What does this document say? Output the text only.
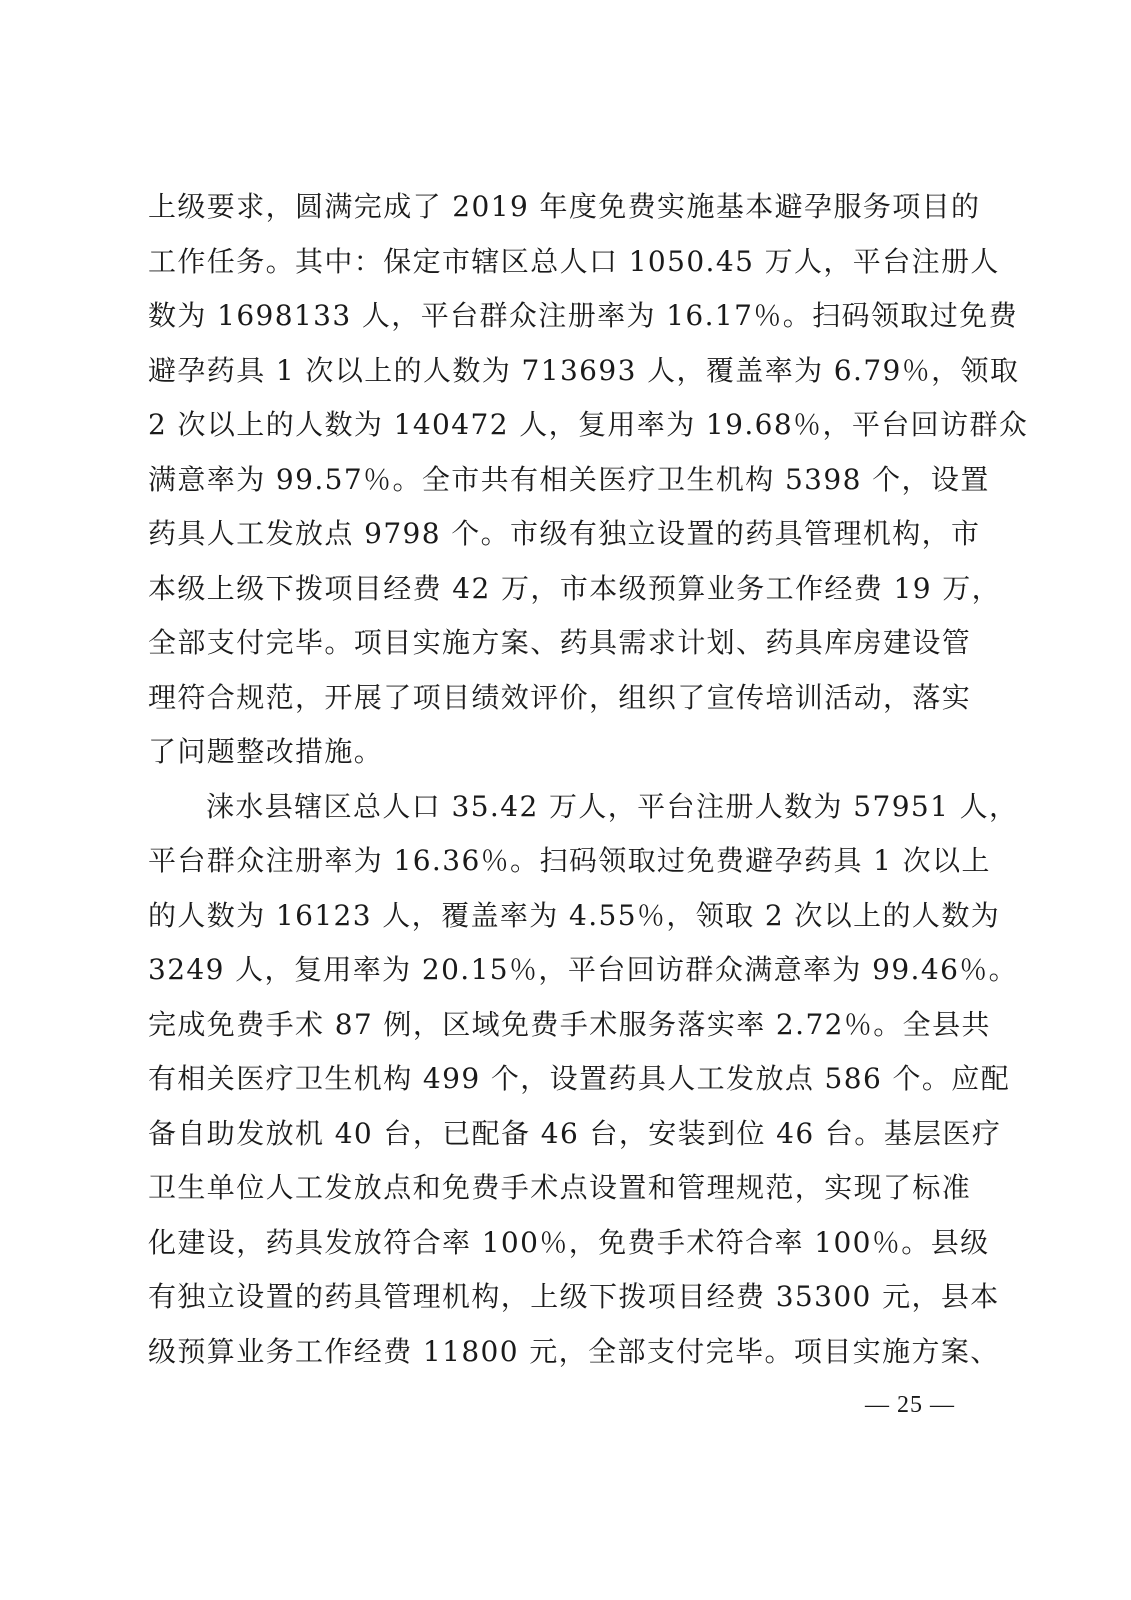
上级要求，圆满完成了 2019 年度免费实施基本避孕服务项目的
工作任务。其中：保定市辖区总人口 1050.45 万人，平台注册人
数为 1698133 人，平台群众注册率为 16.17％。扫码领取过免费
避孕药具 1 次以上的人数为 713693 人，覆盖率为 6.79％，领取
2 次以上的人数为 140472 人，复用率为 19.68％，平台回访群众
满意率为 99.57％。全市共有相关医疗卫生机构 5398 个，设置
药具人工发放点 9798 个。市级有独立设置的药具管理机构，市
本级上级下拨项目经费 42 万，市本级预算业务工作经费 19 万，
全部支付完毕。项目实施方案、药具需求计划、药具库房建设管
理符合规范，开展了项目绩效评价，组织了宣传培训活动，落实
了问题整改措施。
涞水县辖区总人口 35.42 万人，平台注册人数为 57951 人，
平台群众注册率为 16.36％。扫码领取过免费避孕药具 1 次以上
的人数为 16123 人，覆盖率为 4.55％，领取 2 次以上的人数为
3249 人，复用率为 20.15％，平台回访群众满意率为 99.46％。
完成免费手术 87 例，区域免费手术服务落实率 2.72％。全县共
有相关医疗卫生机构 499 个，设置药具人工发放点 586 个。应配
备自助发放机 40 台，已配备 46 台，安装到位 46 台。基层医疗
卫生单位人工发放点和免费手术点设置和管理规范，实现了标准
化建设，药具发放符合率 100％，免费手术符合率 100％。县级
有独立设置的药具管理机构，上级下拨项目经费 35300 元，县本
级预算业务工作经费 11800 元，全部支付完毕。项目实施方案、
— 25 —
